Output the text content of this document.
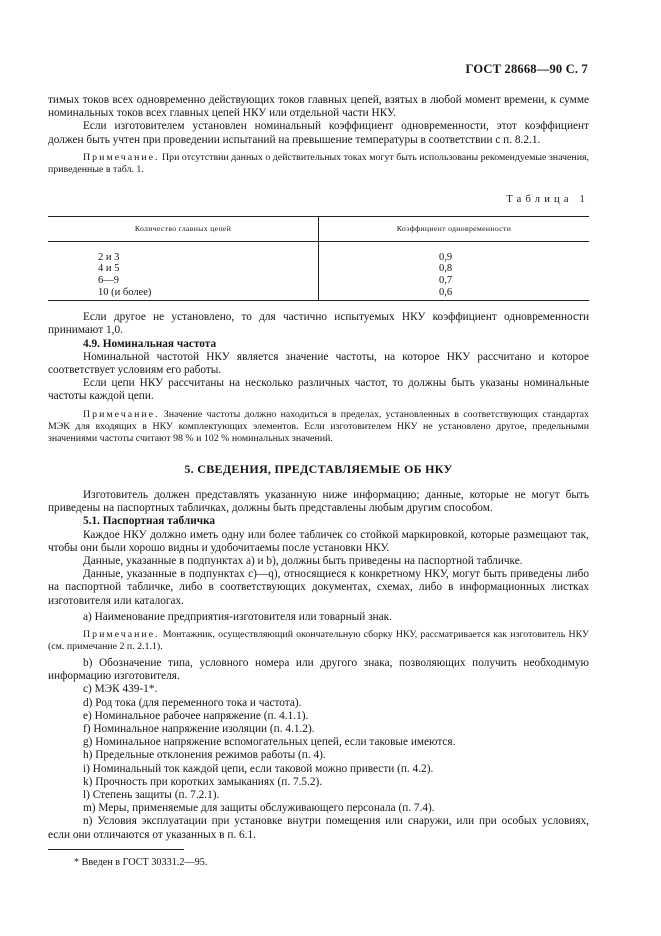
ГОСТ 28668—90 С. 7

тимых токов всех одновременно действующих токов главных цепей, взятых в любой момент времени, к сумме номинальных токов всех главных цепей НКУ или отдельной части НКУ.

Если изготовителем установлен номинальный коэффициент одновременности, этот коэффициент должен быть учтен при проведении испытаний на превышение температуры в соответствии с п. 8.2.1.

Примечание. При отсутствии данных о действительных токах могут быть использованы рекомендуемые значения, приведенные в табл. 1.

Таблица 1
Количество главных цепей	Коэффициент одновременности
2 и 3	0,9
4 и 5	0,8
6—9	0,7
10 (и более)	0,6

Если другое не установлено, то для частично испытуемых НКУ коэффициент одновременности принимают 1,0.

4.9. Номинальная частота

Номинальной частотой НКУ является значение частоты, на которое НКУ рассчитано и которое соответствует условиям его работы.

Если цепи НКУ рассчитаны на несколько различных частот, то должны быть указаны номинальные частоты каждой цепи.

Примечание. Значение частоты должно находиться в пределах, установленных в соответствующих стандартах МЭК для входящих в НКУ комплектующих элементов. Если изготовителем НКУ не установлено другое, предельными значениями частоты считают 98 % и 102 % номинальных значений.

5. СВЕДЕНИЯ, ПРЕДСТАВЛЯЕМЫЕ ОБ НКУ

Изготовитель должен представлять указанную ниже информацию; данные, которые не могут быть приведены на паспортных табличках, должны быть представлены любым другим способом.

5.1. Паспортная табличка

Каждое НКУ должно иметь одну или более табличек со стойкой маркировкой, которые размещают так, чтобы они были хорошо видны и удобочитаемы после установки НКУ.

Данные, указанные в подпунктах а) и b), должны быть приведены на паспортной табличке.

Данные, указанные в подпунктах с)—q), относящиеся к конкретному НКУ, могут быть приведены либо на паспортной табличке, либо в соответствующих документах, схемах, либо в информационных листках изготовителя или каталогах.

а) Наименование предприятия-изготовителя или товарный знак.

Примечание. Монтажник, осуществляющий окончательную сборку НКУ, рассматривается как изготовитель НКУ (см. примечание 2 п. 2.1.1).

b) Обозначение типа, условного номера или другого знака, позволяющих получить необходимую информацию изготовителя.

c) МЭК 439-1*.

d) Род тока (для переменного тока и частота).

e) Номинальное рабочее напряжение (п. 4.1.1).

f) Номинальное напряжение изоляции (п. 4.1.2).

g) Номинальное напряжение вспомогательных цепей, если таковые имеются.

h) Предельные отклонения режимов работы (п. 4).

i) Номинальный ток каждой цепи, если таковой можно привести (п. 4.2).

k) Прочность при коротких замыканиях (п. 7.5.2).

l) Степень защиты (п. 7.2.1).

m) Меры, применяемые для защиты обслуживающего персонала (п. 7.4).

n) Условия эксплуатации при установке внутри помещения или снаружи, или при особых условиях, если они отличаются от указанных в п. 6.1.

* Введен в ГОСТ 30331.2—95.
